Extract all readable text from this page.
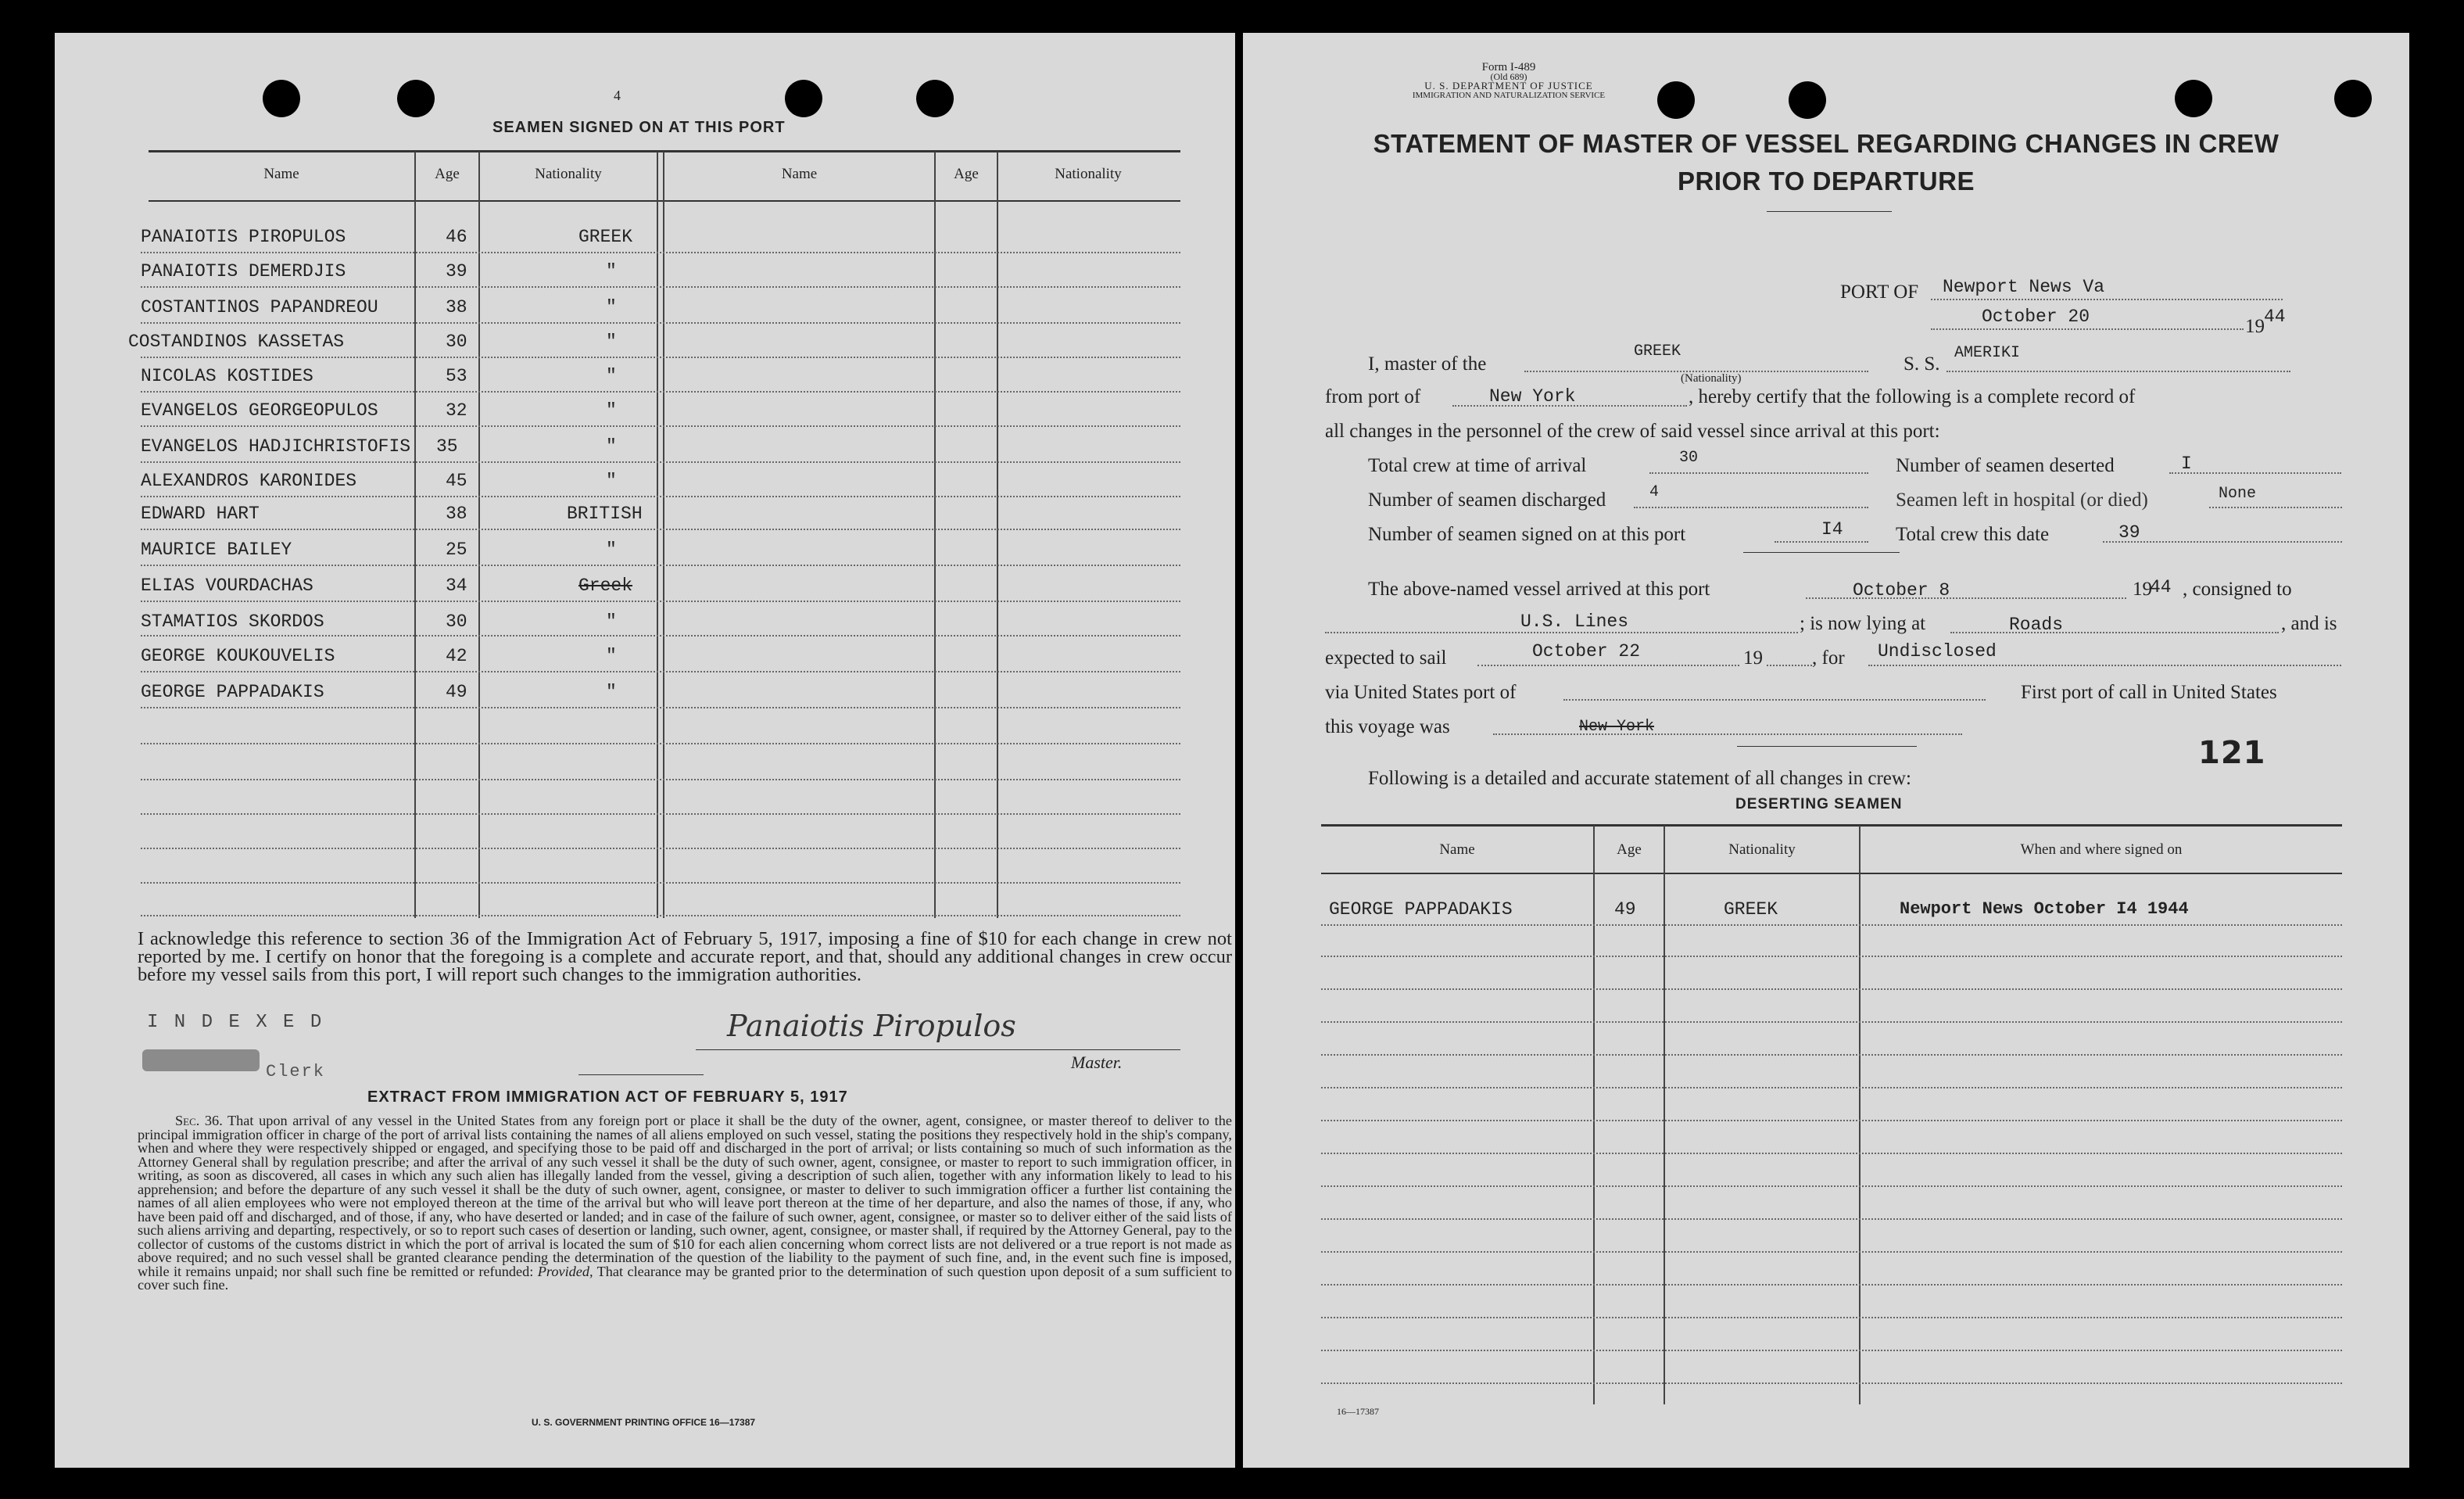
4
SEAMEN SIGNED ON AT THIS PORT
Name	Age	Nationality	Name	Age	Nationality
PANAIOTIS PIROPULOS	46	GREEK
PANAIOTIS DEMERDJIS	39	"
COSTANTINOS PAPANDREOU	38	"
COSTANDINOS KASSETAS	30	"
NICOLAS KOSTIDES	53	"
EVANGELOS GEORGEOPULOS	32	"
EVANGELOS HADJICHRISTOFIS 35	"
ALEXANDROS KARONIDES	45	"
EDWARD HART	38	BRITISH
MAURICE BAILEY	25	"
ELIAS VOURDACHAS	34	Greek
STAMATIOS SKORDOS	30	"
GEORGE KOUKOUVELIS	42	"
GEORGE PAPPADAKIS	49	"
I acknowledge this reference to section 36 of the Immigration Act of February 5, 1917, imposing a fine of $10 for each change in crew not reported by me. I certify on honor that the foregoing is a complete and accurate report, and that, should any additional changes in crew occur before my vessel sails from this port, I will report such changes to the immigration authorities.
I N D E X E D
Clerk
Panaiotis Piropulos
Master.
EXTRACT FROM IMMIGRATION ACT OF FEBRUARY 5, 1917
Sec. 36. That upon arrival of any vessel in the United States from any foreign port or place it shall be the duty of the owner, agent, consignee, or master thereof to deliver to the principal immigration officer in charge of the port of arrival lists containing the names of all aliens employed on such vessel, stating the positions they respectively hold in the ship's company, when and where they were respectively shipped or engaged, and specifying those to be paid off and discharged in the port of arrival; or lists containing so much of such information as the Attorney General shall by regulation prescribe; and after the arrival of any such vessel it shall be the duty of such owner, agent, consignee, or master to report to such immigration officer, in writing, as soon as discovered, all cases in which any such alien has illegally landed from the vessel, giving a description of such alien, together with any information likely to lead to his apprehension; and before the departure of any such vessel it shall be the duty of such owner, agent, consignee, or master to deliver to such immigration officer a further list containing the names of all alien employees who were not employed thereon at the time of the arrival but who will leave port thereon at the time of her departure, and also the names of those, if any, who have been paid off and discharged, and of those, if any, who have deserted or landed; and in case of the failure of such owner, agent, consignee, or master so to deliver either of the said lists of such aliens arriving and departing, respectively, or so to report such cases of desertion or landing, such owner, agent, consignee, or master shall, if required by the Attorney General, pay to the collector of customs of the customs district in which the port of arrival is located the sum of $10 for each alien concerning whom correct lists are not delivered or a true report is not made as above required; and no such vessel shall be granted clearance pending the determination of the question of the liability to the payment of such fine, and, in the event such fine is imposed, while it remains unpaid; nor shall such fine be remitted or refunded: Provided, That clearance may be granted prior to the determination of such question upon deposit of a sum sufficient to cover such fine.
U. S. GOVERNMENT PRINTING OFFICE 16—17387
Form I-489
(Old 689)
U. S. DEPARTMENT OF JUSTICE
IMMIGRATION AND NATURALIZATION SERVICE
STATEMENT OF MASTER OF VESSEL REGARDING CHANGES IN CREW
PRIOR TO DEPARTURE
PORT OF Newport News Va
October 20	19 44
I, master of the
GREEK
(Nationality)
S. S.
AMERIKI
from port of	New York	, hereby certify that the following is a complete record of
all changes in the personnel of the crew of said vessel since arrival at this port:
Total crew at time of arrival	30	Number of seamen deserted	I
Number of seamen discharged	4	Seamen left in hospital (or died)	None
Number of seamen signed on at this port	I4	Total crew this date	39
The above-named vessel arrived at this port	October 8	19
44 , consigned to
U.S. Lines	; is now lying at	Roads	, and is
expected to sail	October 22	19	, for Undisclosed
via United States port of	First port of call in United States
this voyage was	New York
121
Following is a detailed and accurate statement of all changes in crew:
DESERTING SEAMEN
Name	Age	Nationality	When and where signed on
GEORGE PAPPADAKIS	49	GREEK	Newport News October I4 1944
16—17387
